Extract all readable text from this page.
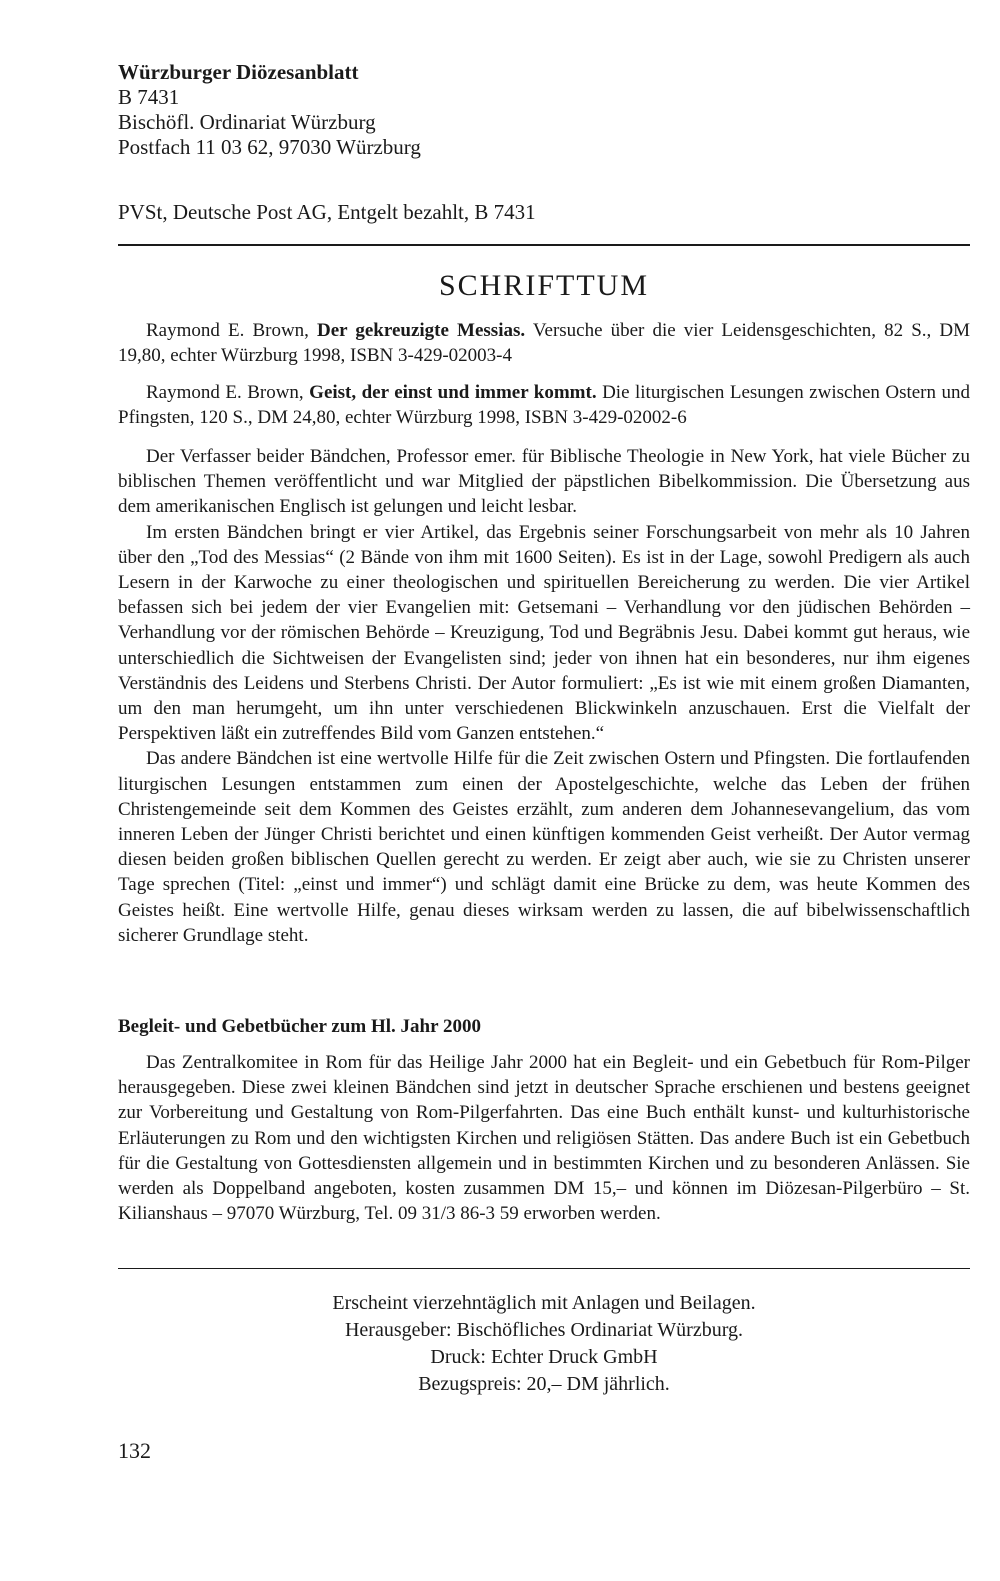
Würzburger Diözesanblatt
B 7431
Bischöfl. Ordinariat Würzburg
Postfach 11 03 62, 97030 Würzburg
PVSt, Deutsche Post AG, Entgelt bezahlt, B 7431
SCHRIFTTUM

Raymond E. Brown, Der gekreuzigte Messias. Versuche über die vier Leidensgeschichten, 82 S., DM 19,80, echter Würzburg 1998, ISBN 3-429-02003-4

Raymond E. Brown, Geist, der einst und immer kommt. Die liturgischen Lesungen zwischen Ostern und Pfingsten, 120 S., DM 24,80, echter Würzburg 1998, ISBN 3-429-02002-6

Der Verfasser beider Bändchen, Professor emer. für Biblische Theologie in New York, hat viele Bücher zu biblischen Themen veröffentlicht und war Mitglied der päpstlichen Bibelkommission. Die Übersetzung aus dem amerikanischen Englisch ist gelungen und leicht lesbar.

Im ersten Bändchen bringt er vier Artikel, das Ergebnis seiner Forschungsarbeit von mehr als 10 Jahren über den „Tod des Messias“ (2 Bände von ihm mit 1600 Seiten). Es ist in der Lage, sowohl Predigern als auch Lesern in der Karwoche zu einer theologischen und spirituellen Bereicherung zu werden. Die vier Artikel befassen sich bei jedem der vier Evangelien mit: Getsemani – Verhandlung vor den jüdischen Behörden – Verhandlung vor der römischen Behörde – Kreuzigung, Tod und Begräbnis Jesu. Dabei kommt gut heraus, wie unterschiedlich die Sichtweisen der Evangelisten sind; jeder von ihnen hat ein besonderes, nur ihm eigenes Verständnis des Leidens und Sterbens Christi. Der Autor formuliert: „Es ist wie mit einem großen Diamanten, um den man herumgeht, um ihn unter verschiedenen Blickwinkeln anzuschauen. Erst die Vielfalt der Perspektiven läßt ein zutreffendes Bild vom Ganzen entstehen.“

Das andere Bändchen ist eine wertvolle Hilfe für die Zeit zwischen Ostern und Pfingsten. Die fortlaufenden liturgischen Lesungen entstammen zum einen der Apostelgeschichte, welche das Leben der frühen Christengemeinde seit dem Kommen des Geistes erzählt, zum anderen dem Johannesevangelium, das vom inneren Leben der Jünger Christi berichtet und einen künftigen kommenden Geist verheißt. Der Autor vermag diesen beiden großen biblischen Quellen gerecht zu werden. Er zeigt aber auch, wie sie zu Christen unserer Tage sprechen (Titel: „einst und immer“) und schlägt damit eine Brücke zu dem, was heute Kommen des Geistes heißt. Eine wertvolle Hilfe, genau dieses wirksam werden zu lassen, die auf bibelwissenschaftlich sicherer Grundlage steht.

Begleit- und Gebetbücher zum Hl. Jahr 2000

Das Zentralkomitee in Rom für das Heilige Jahr 2000 hat ein Begleit- und ein Gebetbuch für Rom-Pilger herausgegeben. Diese zwei kleinen Bändchen sind jetzt in deutscher Sprache erschienen und bestens geeignet zur Vorbereitung und Gestaltung von Rom-Pilgerfahrten. Das eine Buch enthält kunst- und kulturhistorische Erläuterungen zu Rom und den wichtigsten Kirchen und religiösen Stätten. Das andere Buch ist ein Gebetbuch für die Gestaltung von Gottesdiensten allgemein und in bestimmten Kirchen und zu besonderen Anlässen. Sie werden als Doppelband angeboten, kosten zusammen DM 15,– und können im Diözesan-Pilgerbüro – St. Kilianshaus – 97070 Würzburg, Tel. 09 31/3 86-3 59 erworben werden.

Erscheint vierzehntäglich mit Anlagen und Beilagen.
Herausgeber: Bischöfliches Ordinariat Würzburg.
Druck: Echter Druck GmbH
Bezugspreis: 20,– DM jährlich.
132
